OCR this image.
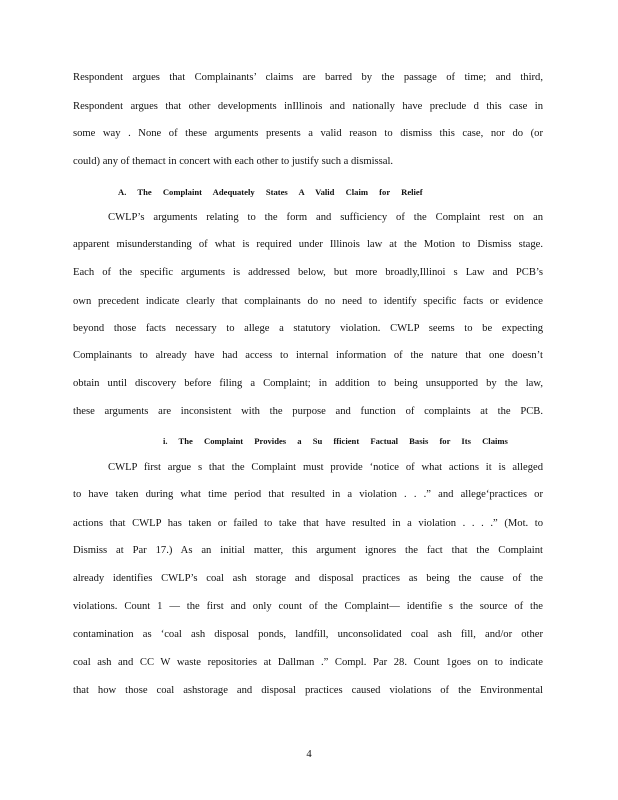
Respondent argues that Complainants’ claims are barred by the passage of time; and third,
Respondent argues that other developments inIllinois and nationally have preclude d this case in
some way . None of these arguments presents a valid reason to dismiss this case, nor do (or
could) any of themact in concert with each other to justify such a dismissal.
A. The Complaint Adequately States A Valid Claim for Relief
CWLP’s arguments relating to the form and sufficiency of the Complaint rest on an
apparent misunderstanding of what is required under Illinois law at the Motion to Dismiss stage.
Each of the specific arguments is addressed below, but more broadly,Illinoi s Law and PCB’s
own precedent indicate clearly that complainants do no need to identify specific facts or evidence
beyond those facts necessary to allege a statutory violation. CWLP seems to be expecting
Complainants to already have had access to internal information of the nature that one doesn’t
obtain until discovery before filing a Complaint; in addition to being unsupported by the law,
these arguments are inconsistent with the purpose and function of complaints at the PCB.
i. The Complaint Provides a Su fficient Factual Basis for Its Claims
CWLP first argue s that the Complaint must provide ‘notice of what actions it is alleged
to have taken during what time period that resulted in a violation . . .” and allege‘practices or
actions that CWLP has taken or failed to take that have resulted in a violation . . . .” (Mot. to
Dismiss at Par 17.) As an initial matter, this argument ignores the fact that the Complaint
already identifies CWLP’s coal ash storage and disposal practices as being the cause of the
violations. Count 1 — the first and only count of the Complaint— identifie s the source of the
contamination as ‘coal ash disposal ponds, landfill, unconsolidated coal ash fill, and/or other
coal ash and CC W waste repositories at Dallman .” Compl. Par 28. Count 1goes on to indicate
that how those coal ashstorage and disposal practices caused violations of the Environmental
4
